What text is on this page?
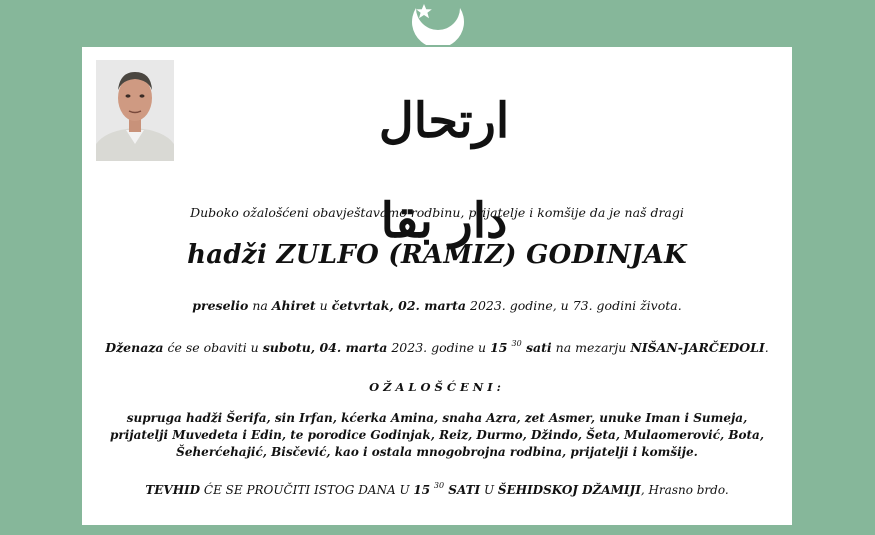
ارتحال دار بقا
Duboko ožalošćeni obavještavamo rodbinu, prijatelje i komšije da je naš dragi
hadži ZULFO (RAMIZ) GODINJAK
preselio na Ahiret u četvrtak, 02. marta 2023. godine, u 73. godini života.
Dženaza će se obaviti u subotu, 04. marta 2023. godine u 15 $^{30}$ sati na mezarju NIŠAN-JARČEDOLI.
OŽALOŠĆENI:
supruga hadži Šerifa, sin Irfan, kćerka Amina, snaha Azra, zet Asmer, unuke Iman i Sumeja, prijatelji Muvedeta i Edin, te porodice Godinjak, Reiz, Durmo, Džindo, Šeta, Mulaomerović, Bota, Šeherćehajić, Bisčević, kao i ostala mnogobrojna rodbina, prijatelji i komšije.
TEVHID ĆE SE PROUČITI ISTOG DANA U 15 $^{30}$ SATI U ŠEHIDSKOJ DŽAMIJI, Hrasno brdo.
